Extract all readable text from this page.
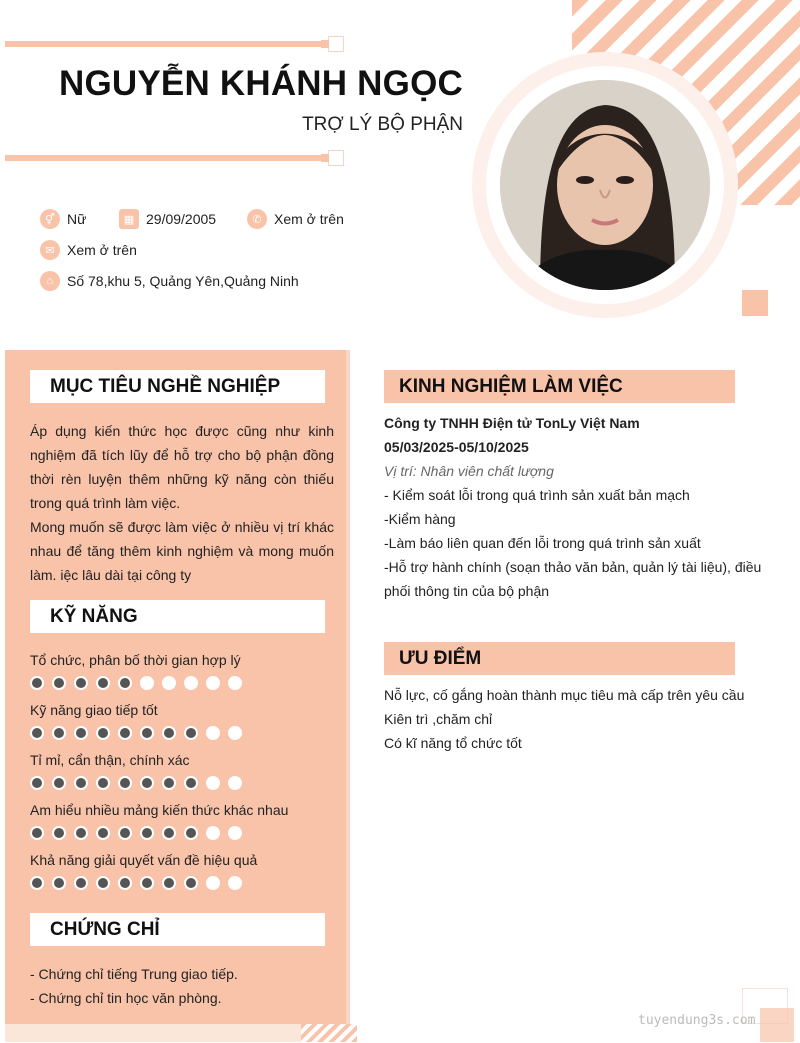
NGUYỄN KHÁNH NGỌC
TRỢ LÝ BỘ PHẬN
⚥ Nữ	▦ 29/09/2005	✆ Xem ở trên
✉ Xem ở trên
⌂ Số 78,khu 5, Quảng Yên,Quảng Ninh
MỤC TIÊU NGHỀ NGHIỆP

Áp dụng kiến thức học được cũng như kinh nghiệm đã tích lũy để hỗ trợ cho bộ phận đồng thời rèn luyện thêm những kỹ năng còn thiếu trong quá trình làm việc.

Mong muốn sẽ được làm việc ở nhiều vị trí khác nhau để tăng thêm kinh nghiệm và mong muốn làm. iệc lâu dài tại công ty

KỸ NĂNG
Tổ chức, phân bố thời gian hợp lý
Kỹ năng giao tiếp tốt
Tỉ mỉ, cẩn thận, chính xác
Am hiểu nhiều mảng kiến thức khác nhau
Khả năng giải quyết vấn đề hiệu quả
CHỨNG CHỈ
- Chứng chỉ tiếng Trung giao tiếp.
- Chứng chỉ tin học văn phòng.
KINH NGHIỆM LÀM VIỆC
Công ty TNHH Điện tử TonLy Việt Nam
05/03/2025-05/10/2025
Vị trí: Nhân viên chất lượng
- Kiểm soát lỗi trong quá trình sản xuất bản mạch
-Kiểm hàng
-Làm báo liên quan đến lỗi trong quá trình sản xuất
-Hỗ trợ hành chính (soạn thảo văn bản, quản lý tài liệu), điều phối thông tin của bộ phận
ƯU ĐIỂM
Nỗ lực, cố gắng hoàn thành mục tiêu mà cấp trên yêu cầu
Kiên trì ,chăm chỉ
Có kĩ năng tổ chức tốt
tuyendung3s.com
